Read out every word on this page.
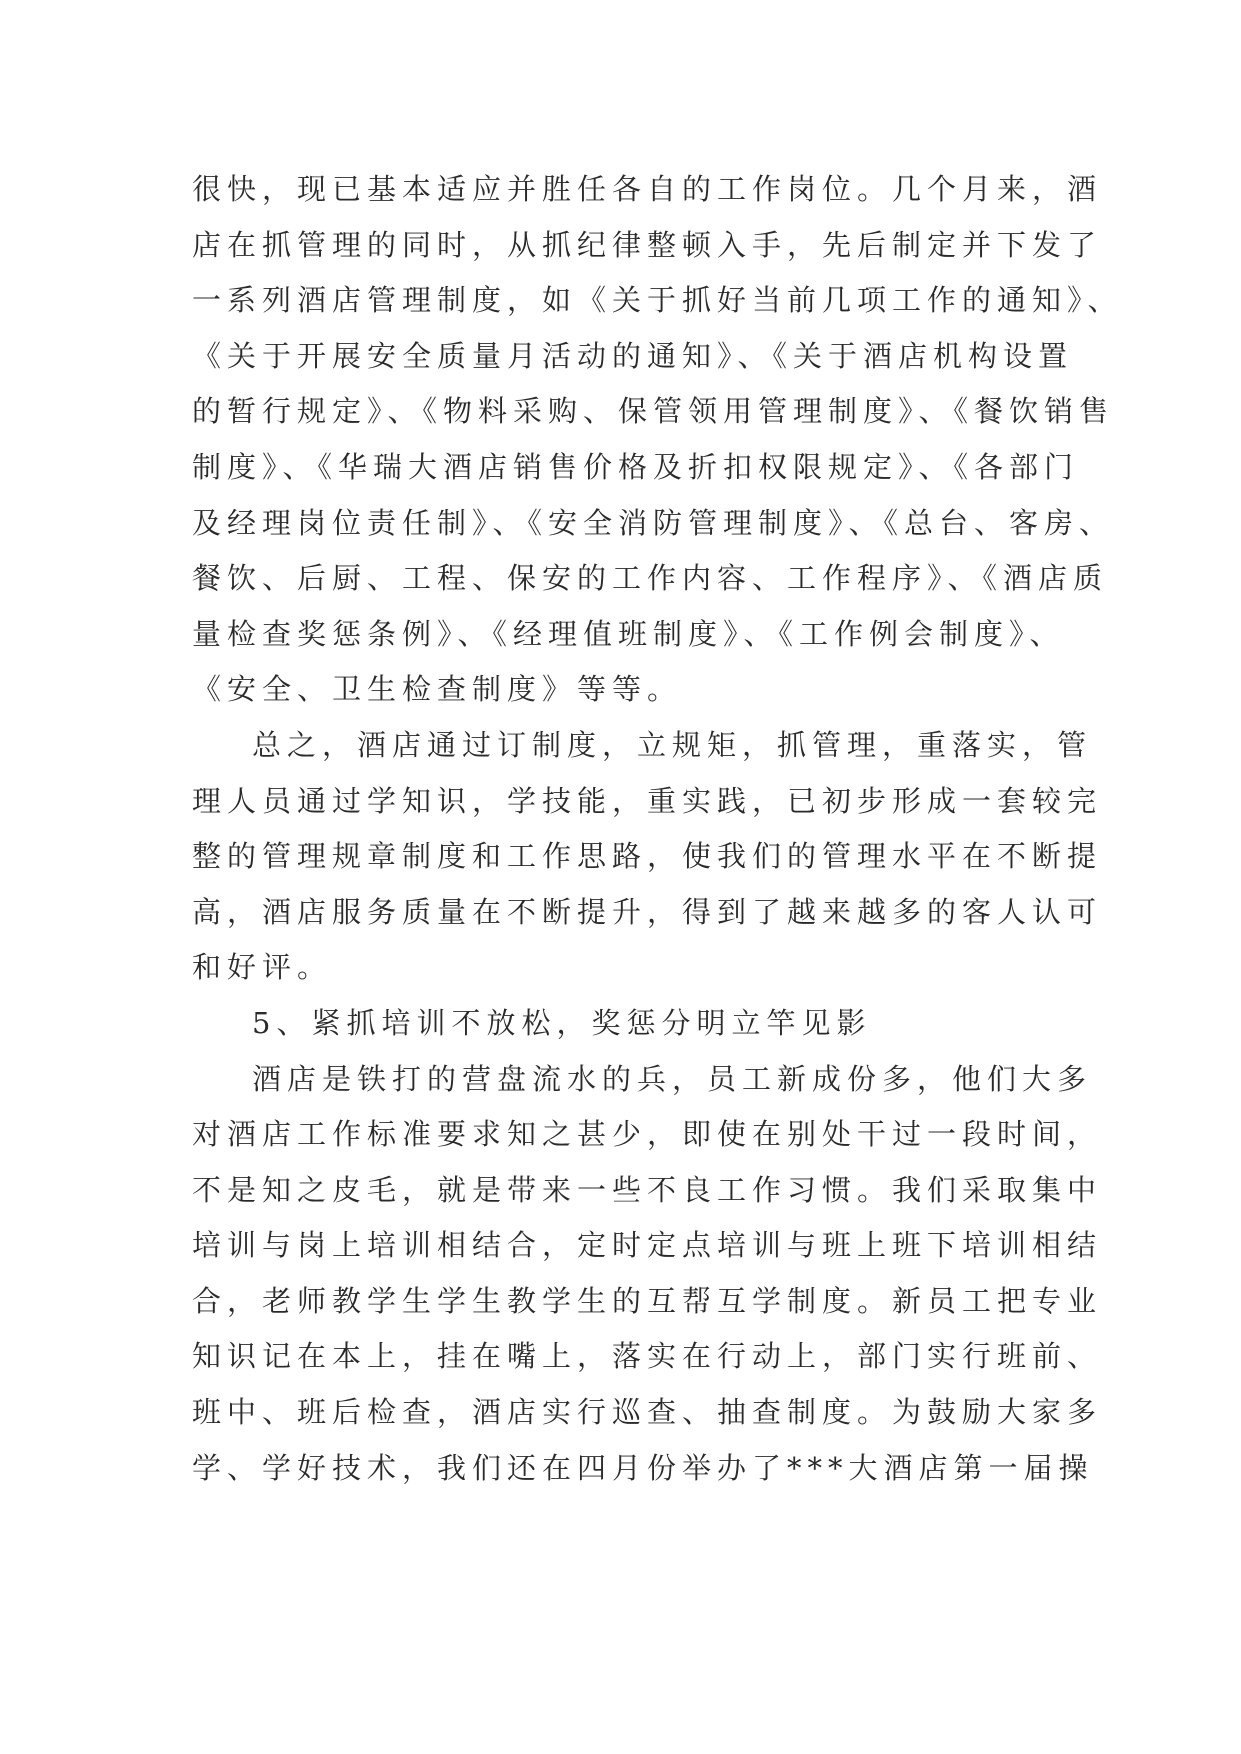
很快，现已基本适应并胜任各自的工作岗位。几个月来，酒
店在抓管理的同时，从抓纪律整顿入手，先后制定并下发了
一系列酒店管理制度，如《关于抓好当前几项工作的通知》、
《关于开展安全质量月活动的通知》、《关于酒店机构设置
的暂行规定》、《物料采购、保管领用管理制度》、《餐饮销售
制度》、《华瑞大酒店销售价格及折扣权限规定》、《各部门
及经理岗位责任制》、《安全消防管理制度》、《总台、客房、
餐饮、后厨、工程、保安的工作内容、工作程序》、《酒店质
量检查奖惩条例》、《经理值班制度》、《工作例会制度》、
《安全、卫生检查制度》等等。
总之，酒店通过订制度，立规矩，抓管理，重落实，管
理人员通过学知识，学技能，重实践，已初步形成一套较完
整的管理规章制度和工作思路，使我们的管理水平在不断提
高，酒店服务质量在不断提升，得到了越来越多的客人认可
和好评。
5、紧抓培训不放松，奖惩分明立竿见影
酒店是铁打的营盘流水的兵，员工新成份多，他们大多
对酒店工作标准要求知之甚少，即使在别处干过一段时间，
不是知之皮毛，就是带来一些不良工作习惯。我们采取集中
培训与岗上培训相结合，定时定点培训与班上班下培训相结
合，老师教学生学生教学生的互帮互学制度。新员工把专业
知识记在本上，挂在嘴上，落实在行动上，部门实行班前、
班中、班后检查，酒店实行巡查、抽查制度。为鼓励大家多
学、学好技术，我们还在四月份举办了***大酒店第一届操
